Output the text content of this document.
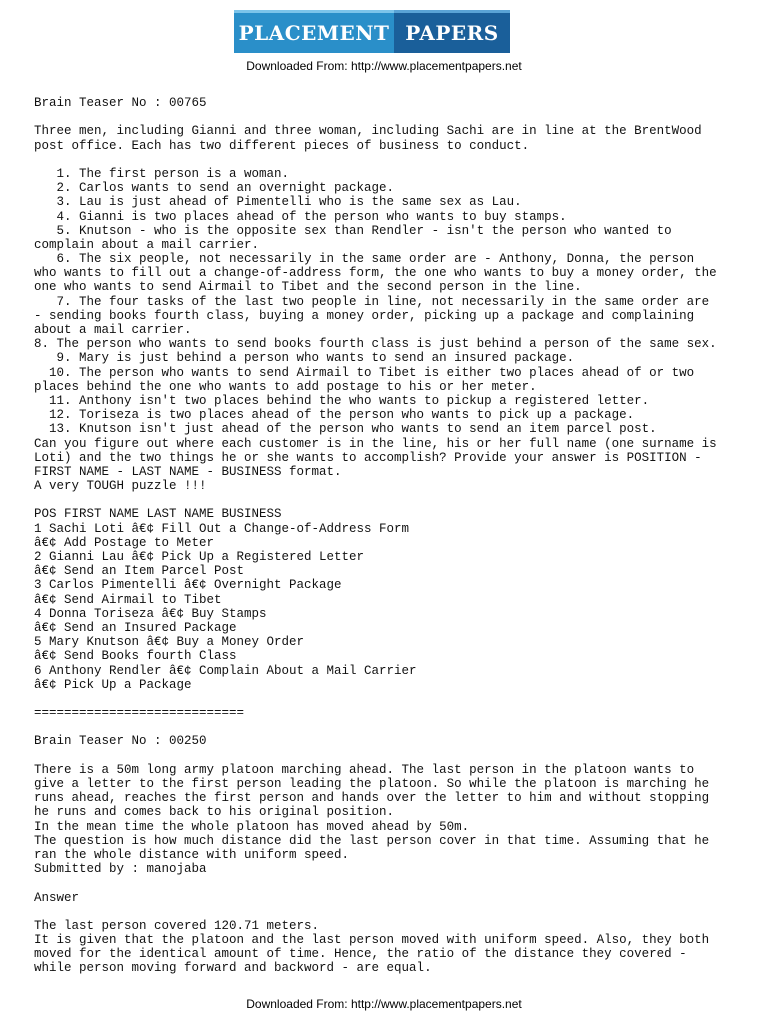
PLACEMENT PAPERS
Downloaded From: http://www.placementpapers.net
Brain Teaser No : 00765
Three men, including Gianni and three woman, including Sachi are in line at the BrentWood
post office. Each has two different pieces of business to conduct.
1. The first person is a woman.
2. Carlos wants to send an overnight package.
3. Lau is just ahead of Pimentelli who is the same sex as Lau.
4. Gianni is two places ahead of the person who wants to buy stamps.
5. Knutson - who is the opposite sex than Rendler - isn't the person who wanted to
complain about a mail carrier.
6. The six people, not necessarily in the same order are - Anthony, Donna, the person
who wants to fill out a change-of-address form, the one who wants to buy a money order, the
one who wants to send Airmail to Tibet and the second person in the line.
7. The four tasks of the last two people in line, not necessarily in the same order are
- sending books fourth class, buying a money order, picking up a package and complaining
about a mail carrier.
8. The person who wants to send books fourth class is just behind a person of the same sex.
9. Mary is just behind a person who wants to send an insured package.
10. The person who wants to send Airmail to Tibet is either two places ahead of or two
places behind the one who wants to add postage to his or her meter.
11. Anthony isn't two places behind the who wants to pickup a registered letter.
12. Toriseza is two places ahead of the person who wants to pick up a package.
13. Knutson isn't just ahead of the person who wants to send an item parcel post.
Can you figure out where each customer is in the line, his or her full name (one surname is
Loti) and the two things he or she wants to accomplish? Provide your answer is POSITION -
FIRST NAME - LAST NAME - BUSINESS format.
A very TOUGH puzzle !!!
POS FIRST NAME LAST NAME BUSINESS
1 Sachi Loti â€¢ Fill Out a Change-of-Address Form
â€¢ Add Postage to Meter
2 Gianni Lau â€¢ Pick Up a Registered Letter
â€¢ Send an Item Parcel Post
3 Carlos Pimentelli â€¢ Overnight Package
â€¢ Send Airmail to Tibet
4 Donna Toriseza â€¢ Buy Stamps
â€¢ Send an Insured Package
5 Mary Knutson â€¢ Buy a Money Order
â€¢ Send Books fourth Class
6 Anthony Rendler â€¢ Complain About a Mail Carrier
â€¢ Pick Up a Package
============================
Brain Teaser No : 00250
There is a 50m long army platoon marching ahead. The last person in the platoon wants to
give a letter to the first person leading the platoon. So while the platoon is marching he
runs ahead, reaches the first person and hands over the letter to him and without stopping
he runs and comes back to his original position.
In the mean time the whole platoon has moved ahead by 50m.
The question is how much distance did the last person cover in that time. Assuming that he
ran the whole distance with uniform speed.
Submitted by : manojaba
Answer
The last person covered 120.71 meters.
It is given that the platoon and the last person moved with uniform speed. Also, they both
moved for the identical amount of time. Hence, the ratio of the distance they covered -
while person moving forward and backword - are equal.
Downloaded From: http://www.placementpapers.net
